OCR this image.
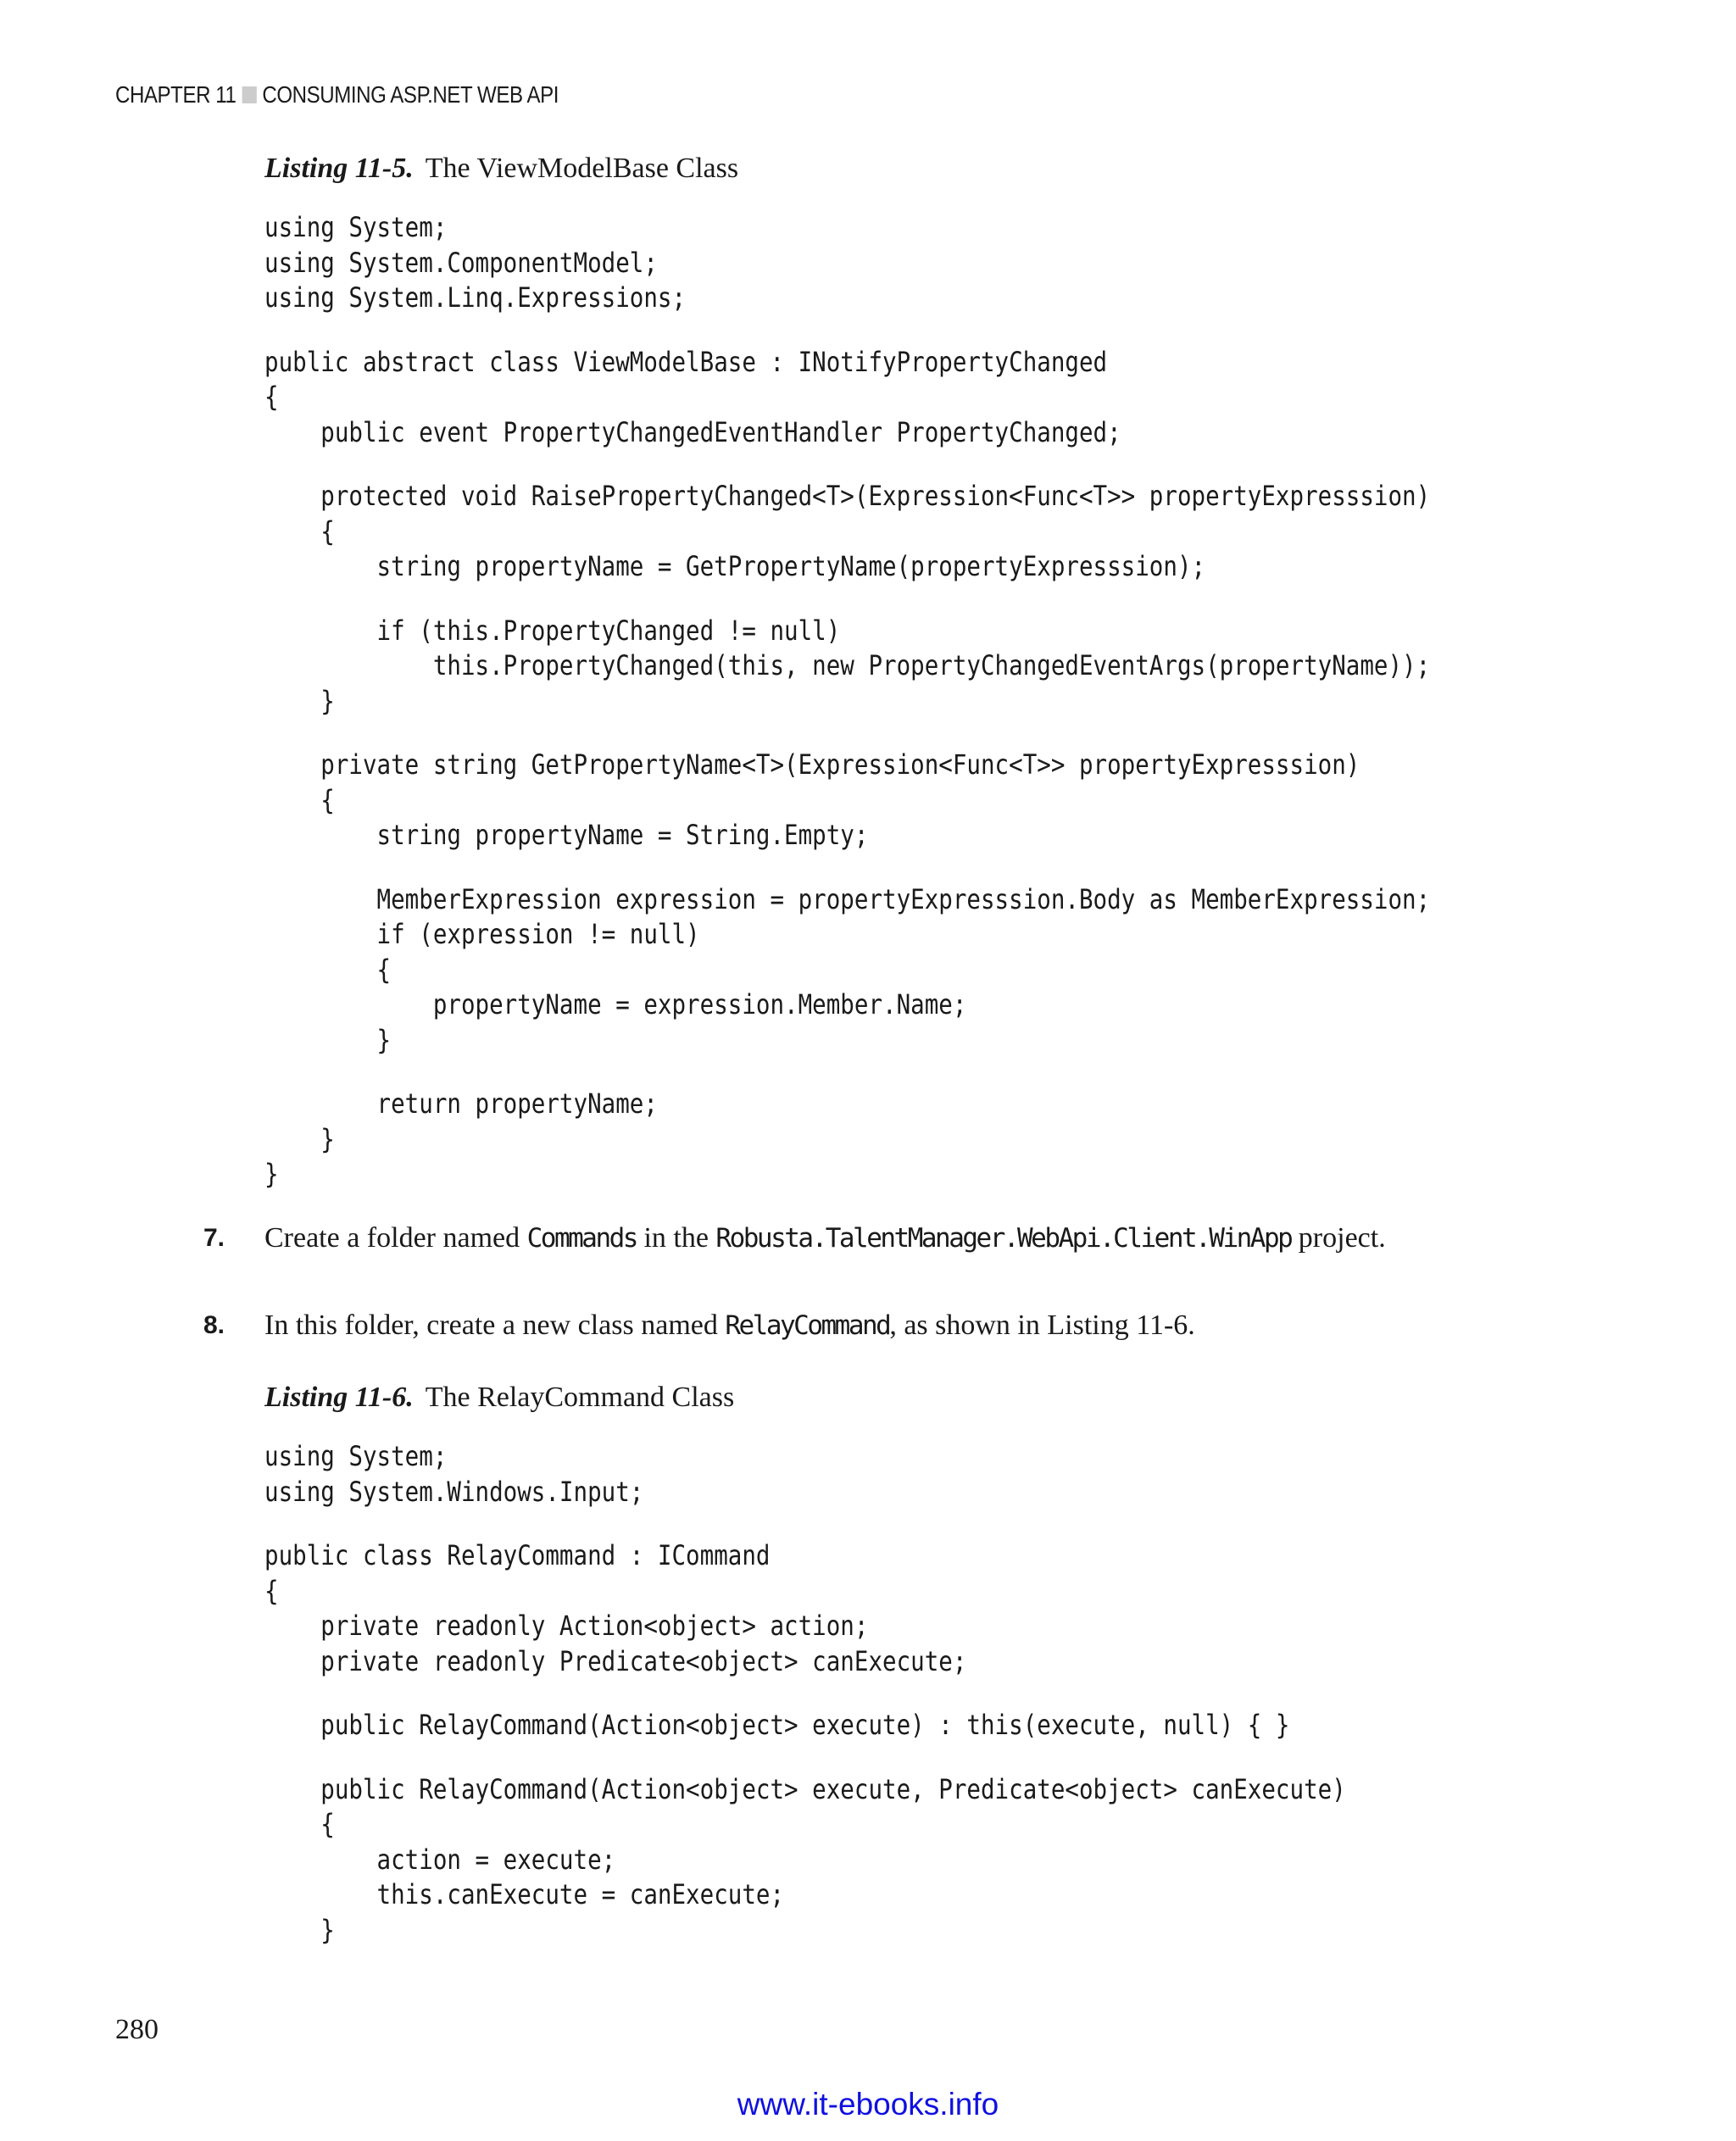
CHAPTER 11 CONSUMING ASP.NET WEB API
Listing 11-5. The ViewModelBase Class
using System;
using System.ComponentModel;
using System.Linq.Expressions;
public abstract class ViewModelBase : INotifyPropertyChanged
{
public event PropertyChangedEventHandler PropertyChanged;
protected void RaisePropertyChanged<T>(Expression<Func<T>> propertyExpresssion)
{
string propertyName = GetPropertyName(propertyExpresssion);
if (this.PropertyChanged != null)
this.PropertyChanged(this, new PropertyChangedEventArgs(propertyName));
}
private string GetPropertyName<T>(Expression<Func<T>> propertyExpresssion)
{
string propertyName = String.Empty;
MemberExpression expression = propertyExpresssion.Body as MemberExpression;
if (expression != null)
{
propertyName = expression.Member.Name;
}
return propertyName;
}
}
7. Create a folder named Commands in the Robusta.TalentManager.WebApi.Client.WinApp project.
8. In this folder, create a new class named RelayCommand, as shown in Listing 11-6.
Listing 11-6. The RelayCommand Class
using System;
using System.Windows.Input;
public class RelayCommand : ICommand
{
private readonly Action<object> action;
private readonly Predicate<object> canExecute;
public RelayCommand(Action<object> execute) : this(execute, null) { }
public RelayCommand(Action<object> execute, Predicate<object> canExecute)
{
action = execute;
this.canExecute = canExecute;
}
280
www.it-ebooks.info
